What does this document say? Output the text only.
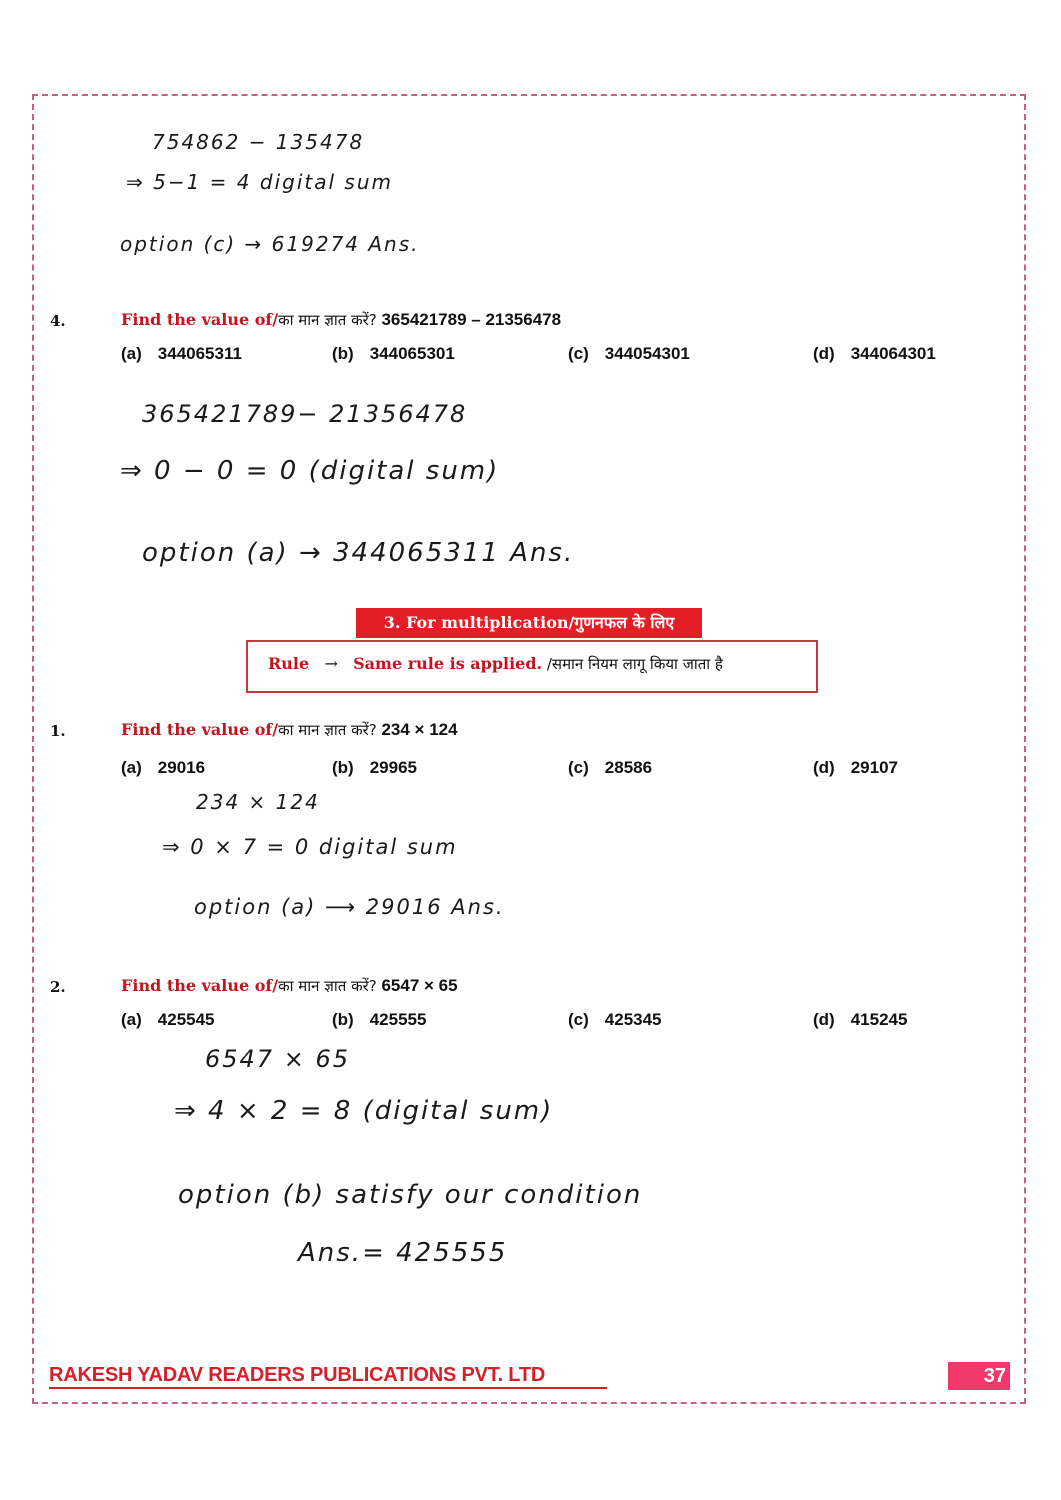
754862 − 135478
⇒ 5−1 = 4 digital sum
option (c) → 619274 Ans.
4.	Find the value of/का मान ज्ञात करें? 365421789 – 21356478
(a) 344065311	(b) 344065301	(c) 344054301	(d) 344064301
365421789− 21356478
⇒ 0 − 0 = 0 (digital sum)
option (a) → 344065311 Ans.
3. For multiplication/गुणनफल के लिए
Rule → Same rule is applied. /समान नियम लागू किया जाता है
1.	Find the value of/का मान ज्ञात करें? 234 × 124
(a) 29016	(b) 29965	(c) 28586	(d) 29107
234 × 124
⇒ 0 × 7 = 0 digital sum
option (a) ⟶ 29016 Ans.
2.	Find the value of/का मान ज्ञात करें? 6547 × 65
(a) 425545	(b) 425555	(c) 425345	(d) 415245
6547 × 65
⇒ 4 × 2 = 8 (digital sum)
option (b) satisfy our condition
Ans.= 425555
RAKESH YADAV READERS PUBLICATIONS PVT. LTD	37
